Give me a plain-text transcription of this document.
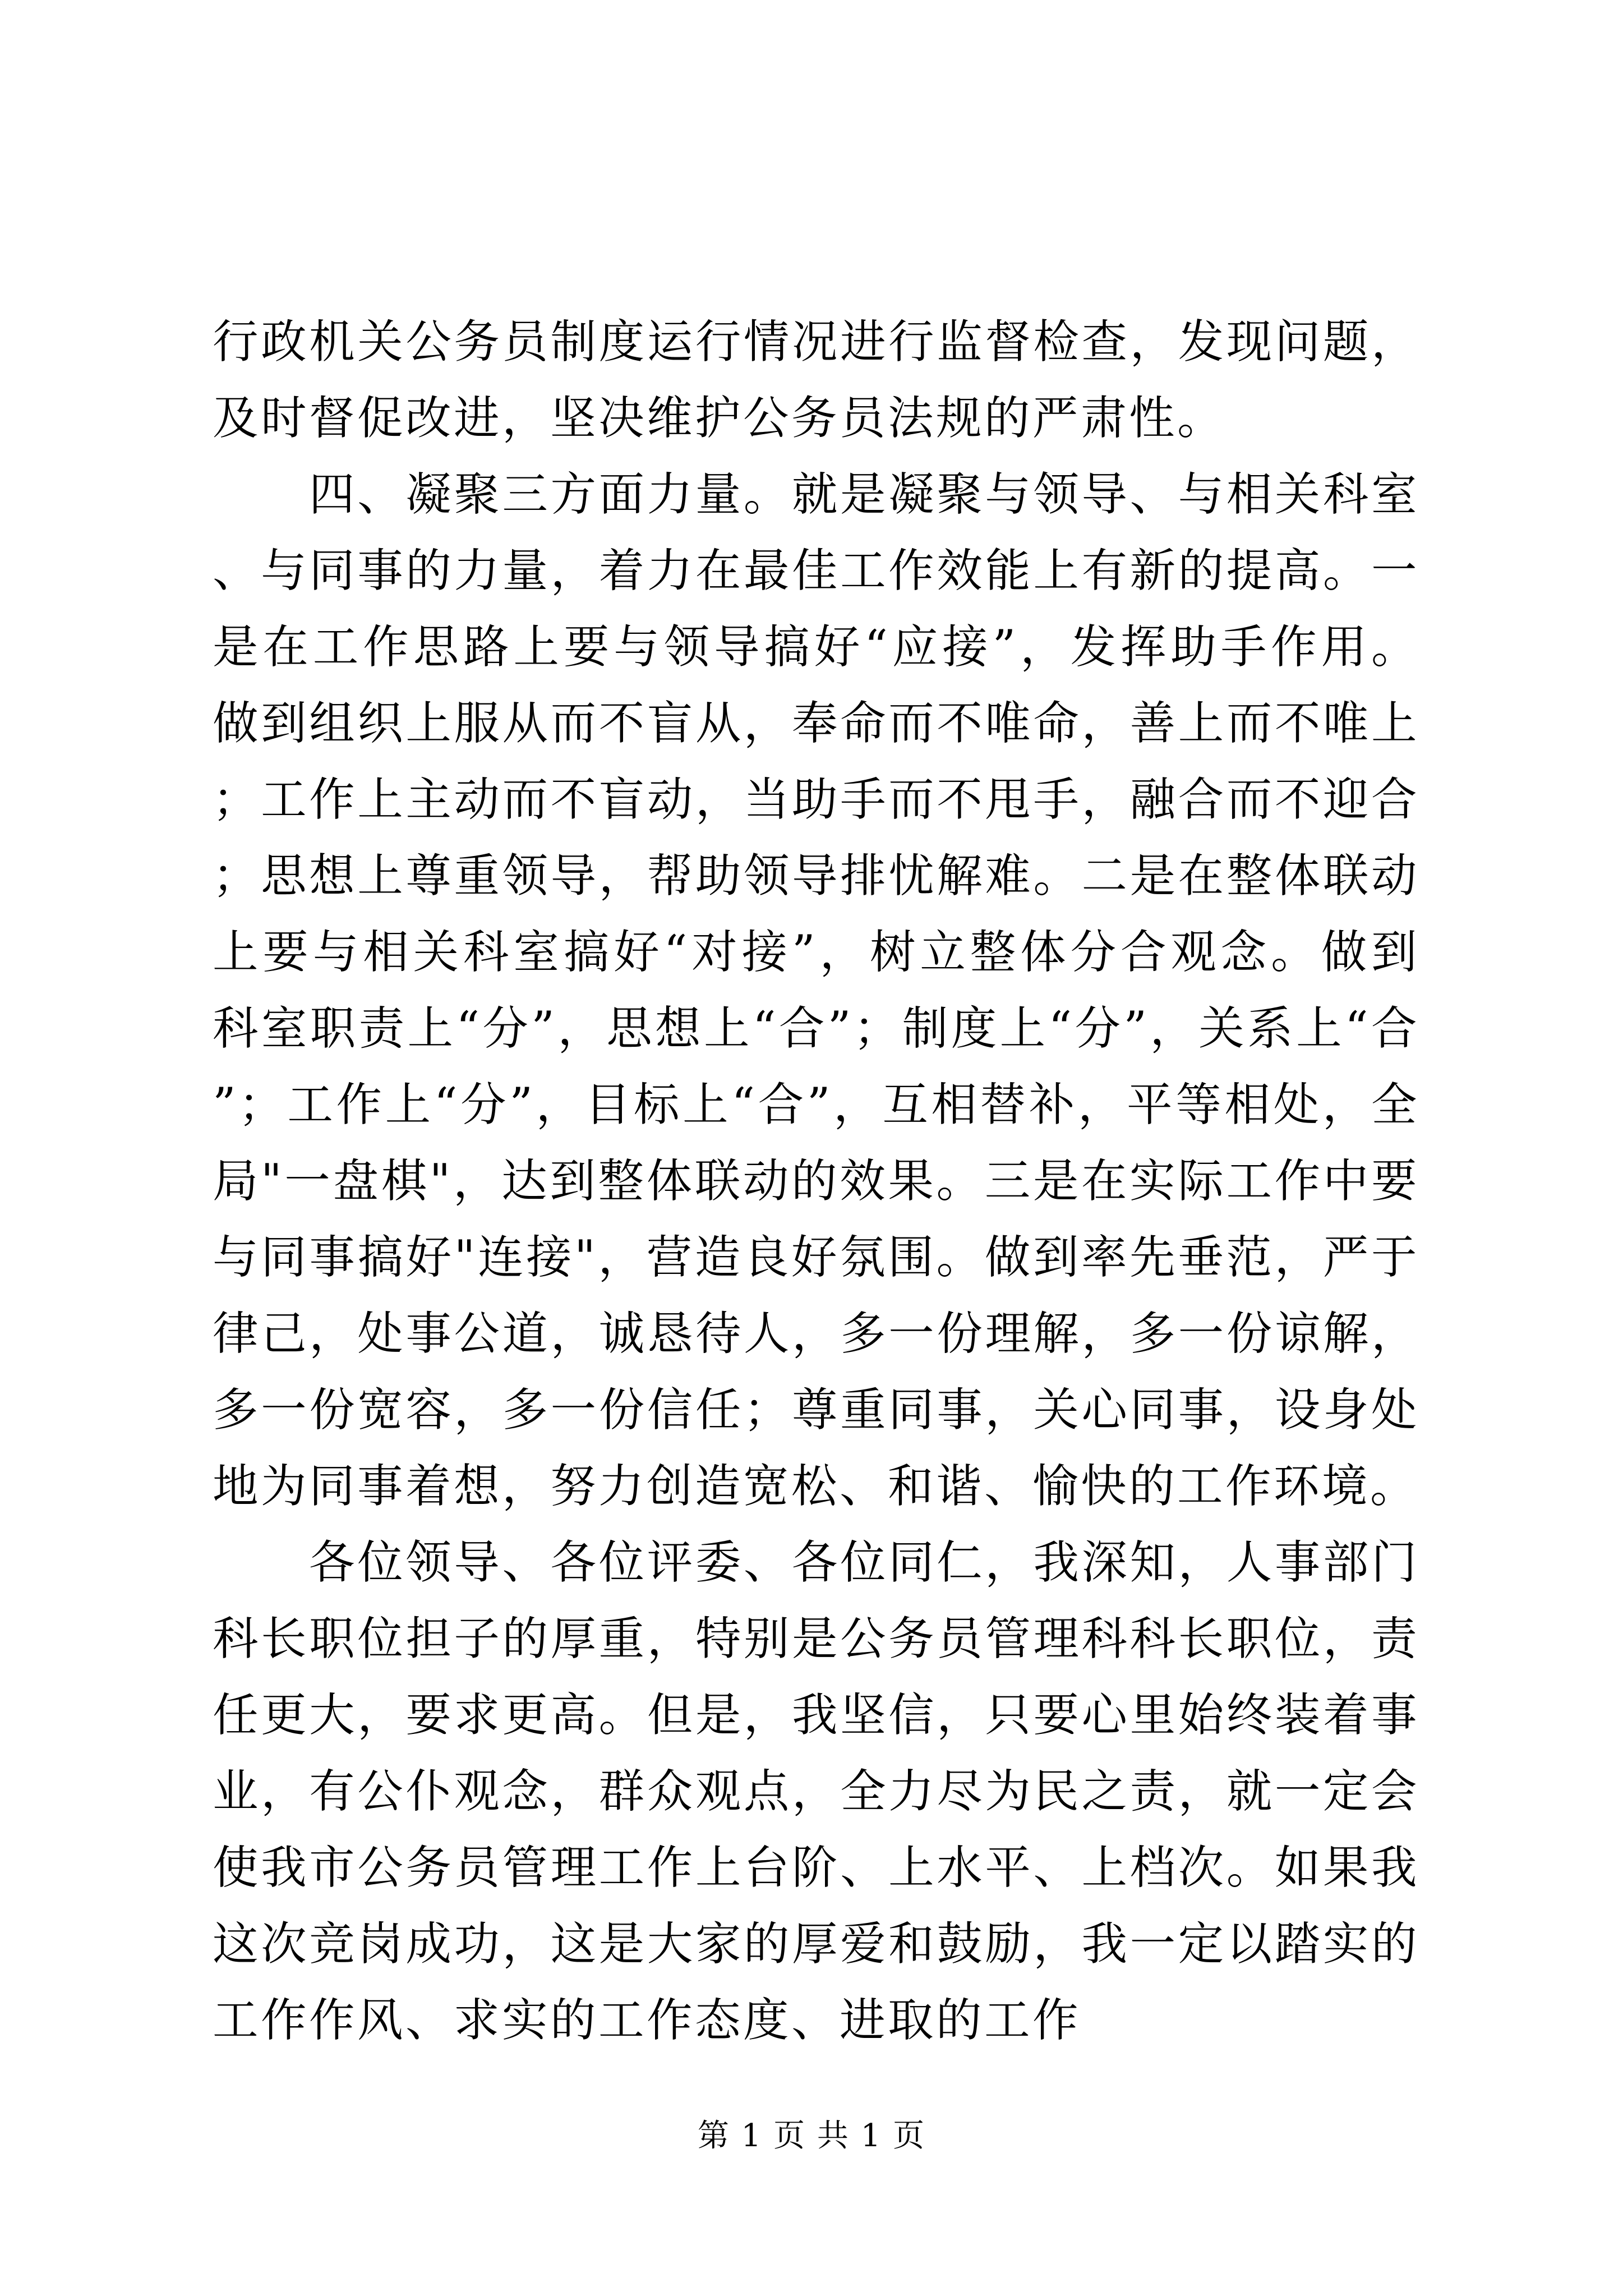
行政机关公务员制度运行情况进行监督检查，发现问题，及时督促改进，坚决维护公务员法规的严肃性。

四、凝聚三方面力量。就是凝聚与领导、与相关科室、与同事的力量，着力在最佳工作效能上有新的提高。一是在工作思路上要与领导搞好“应接”，发挥助手作用。做到组织上服从而不盲从，奉命而不唯命，善上而不唯上；工作上主动而不盲动，当助手而不甩手，融合而不迎合；思想上尊重领导，帮助领导排忧解难。二是在整体联动上要与相关科室搞好“对接”，树立整体分合观念。做到科室职责上“分”，思想上“合”；制度上“分”，关系上“合”；工作上“分”，目标上“合”，互相替补，平等相处，全局"一盘棋"，达到整体联动的效果。三是在实际工作中要与同事搞好"连接"，营造良好氛围。做到率先垂范，严于律己，处事公道，诚恳待人，多一份理解，多一份谅解，多一份宽容，多一份信任；尊重同事，关心同事，设身处地为同事着想，努力创造宽松、和谐、愉快的工作环境。

各位领导、各位评委、各位同仁，我深知，人事部门科长职位担子的厚重，特别是公务员管理科科长职位，责任更大，要求更高。但是，我坚信，只要心里始终装着事业，有公仆观念，群众观点，全力尽为民之责，就一定会使我市公务员管理工作上台阶、上水平、上档次。如果我这次竞岗成功，这是大家的厚爱和鼓励，我一定以踏实的工作作风、求实的工作态度、进取的工作

第 1 页 共 1 页
